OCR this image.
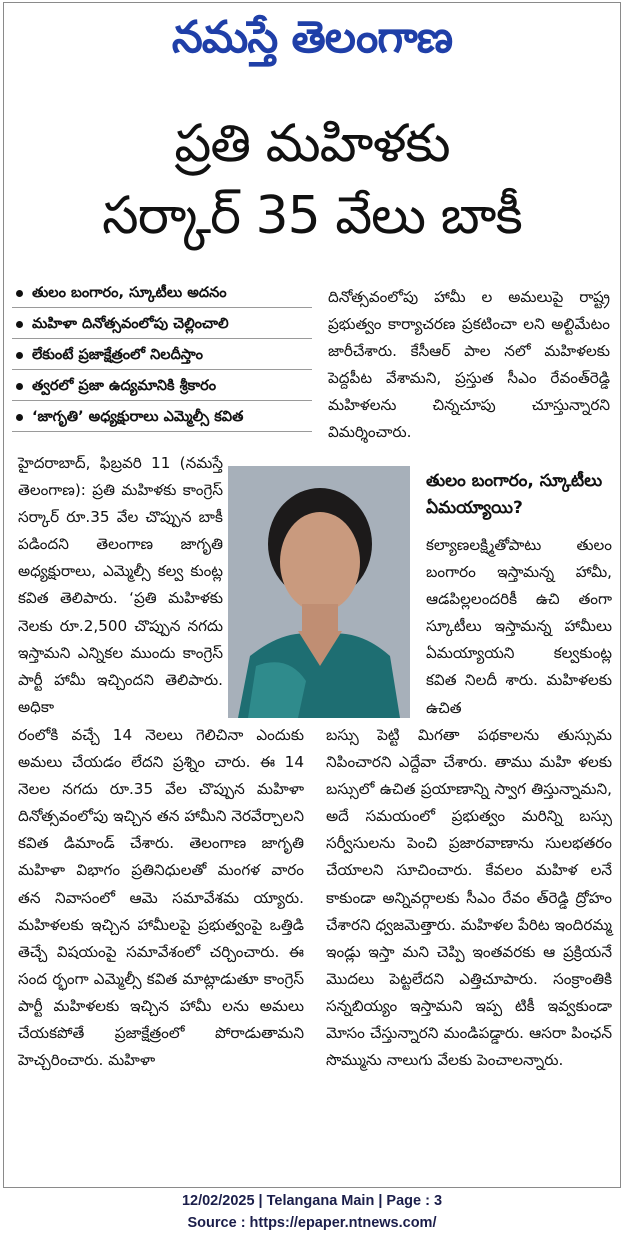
నమస్తే తెలంగాణ
ప్రతి మహిళకు
సర్కార్ 35 వేలు బాకీ
తులం బంగారం, స్కూటీలు అదనం
మహిళా దినోత్సవంలోపు చెల్లించాలి
లేకుంటే ప్రజాక్షేత్రంలో నిలదీస్తాం
త్వరలో ప్రజా ఉద్యమానికి శ్రీకారం
‘జాగృతి’ అధ్యక్షురాలు ఎమ్మెల్సీ కవిత

దినోత్సవంలోపు హామీ ల అమలుపై రాష్ట్ర ప్రభుత్వం కార్యాచరణ ప్రకటించా లని అల్టిమేటం జారీచేశారు. కేసీఆర్ పాల నలో మహిళలకు పెద్దపీట వేశామని, ప్రస్తుత సీఎం రేవంత్‌రెడ్డి మహిళలను చిన్నచూపు చూస్తున్నారని విమర్శించారు.

తులం బంగారం, స్కూటీలు ఏమయ్యాయి?

హైదరాబాద్, ఫిబ్రవరి 11 (నమస్తే తెలంగాణ): ప్రతి మహిళకు కాంగ్రెస్ సర్కార్ రూ.35 వేల చొప్పున బాకీ పడిందని తెలంగాణ జాగృతి అధ్యక్షురాలు, ఎమ్మెల్సీ కల్వ కుంట్ల కవిత తెలిపారు. ‘ప్రతి మహిళకు నెలకు రూ.2,500 చొప్పున నగదు ఇస్తామని ఎన్నికల ముందు కాంగ్రెస్ పార్టీ హామీ ఇచ్చిందని తెలిపారు. అధికా

కల్యాణలక్ష్మితోపాటు తులం బంగారం ఇస్తామన్న హామీ, ఆడపిల్లలందరికీ ఉచి తంగా స్కూటీలు ఇస్తామన్న హామీలు ఏమయ్యాయని కల్వకుంట్ల కవిత నిలదీ శారు. మహిళలకు ఉచిత

రంలోకి వచ్చే 14 నెలలు గెలిచినా ఎందుకు అమలు చేయడం లేదని ప్రశ్నిం చారు. ఈ 14 నెలల నగదు రూ.35 వేల చొప్పున మహిళా దినోత్సవంలోపు ఇచ్చిన తన హామీని నెరవేర్చాలని కవిత డిమాండ్ చేశారు. తెలంగాణ జాగృతి మహిళా విభాగం ప్రతినిధులతో మంగళ వారం తన నివాసంలో ఆమె సమావేశమ య్యారు. మహిళలకు ఇచ్చిన హామీలపై ప్రభుత్వంపై ఒత్తిడి తెచ్చే విషయంపై సమావేశంలో చర్చించారు. ఈ సంద ర్భంగా ఎమ్మెల్సీ కవిత మాట్లాడుతూ కాంగ్రెస్ పార్టీ మహిళలకు ఇచ్చిన హామీ లను అమలు చేయకపోతే ప్రజాక్షేత్రంలో పోరాడుతామని హెచ్చరించారు. మహిళా

బస్సు పెట్టి మిగతా పథకాలను తుస్సుమ నిపించారని ఎద్దేవా చేశారు. తాము మహి ళలకు బస్సులో ఉచిత ప్రయాణాన్ని స్వాగ తిస్తున్నామని, అదే సమయంలో ప్రభుత్వం మరిన్ని బస్సు సర్వీసులను పెంచి ప్రజారవాణాను సులభతరం చేయాలని సూచించారు. కేవలం మహిళ లనే కాకుండా అన్నివర్గాలకు సీఎం రేవం త్‌రెడ్డి ద్రోహం చేశారని ధ్వజమెత్తారు. మహిళల పేరిట ఇందిరమ్మ ఇండ్లు ఇస్తా మని చెప్పి ఇంతవరకు ఆ ప్రక్రియనే మొదలు పెట్టలేదని ఎత్తిచూపారు. సంక్రాంతికి సన్నబియ్యం ఇస్తామని ఇప్ప టికీ ఇవ్వకుండా మోసం చేస్తున్నారని మండిపడ్డారు. ఆసరా పింఛన్ సొమ్మును నాలుగు వేలకు పెంచాలన్నారు.

12/02/2025 | Telangana Main | Page : 3
Source : https://epaper.ntnews.com/
